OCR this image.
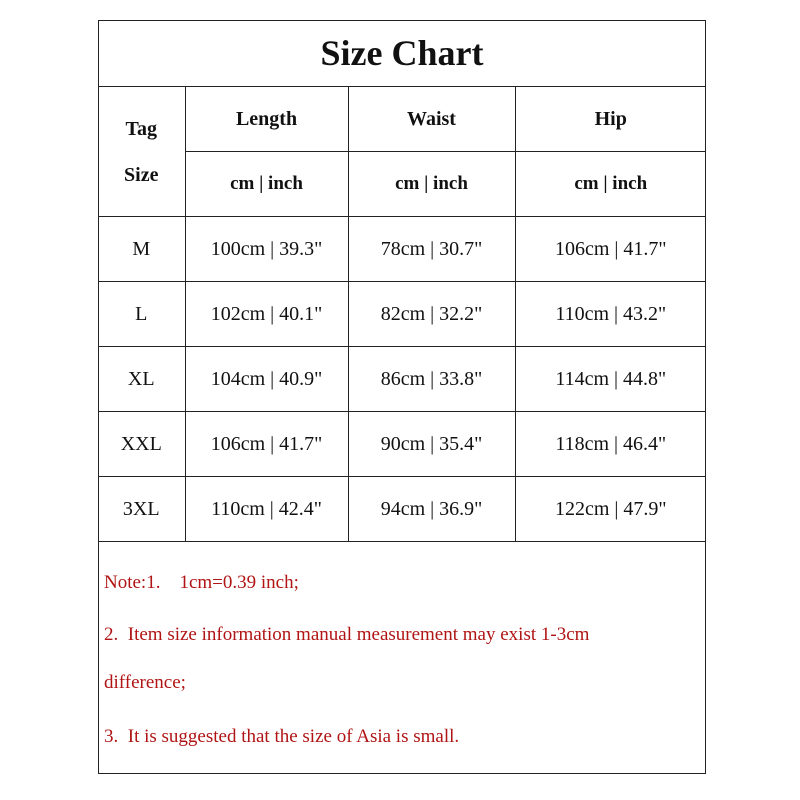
Size Chart
Tag
Size	Length	Waist	Hip
	cm | inch	cm | inch	cm | inch
M	100cm | 39.3"	78cm | 30.7"	106cm | 41.7"
L	102cm | 40.1"	82cm | 32.2"	110cm | 43.2"
XL	104cm | 40.9"	86cm | 33.8"	114cm | 44.8"
XXL	106cm | 41.7"	90cm | 35.4"	118cm | 46.4"
3XL	110cm | 42.4"	94cm | 36.9"	122cm | 47.9"
Note:1.    1cm=0.39 inch;
2.  Item size information manual measurement may exist 1-3cm
difference;
3.  It is suggested that the size of Asia is small.
